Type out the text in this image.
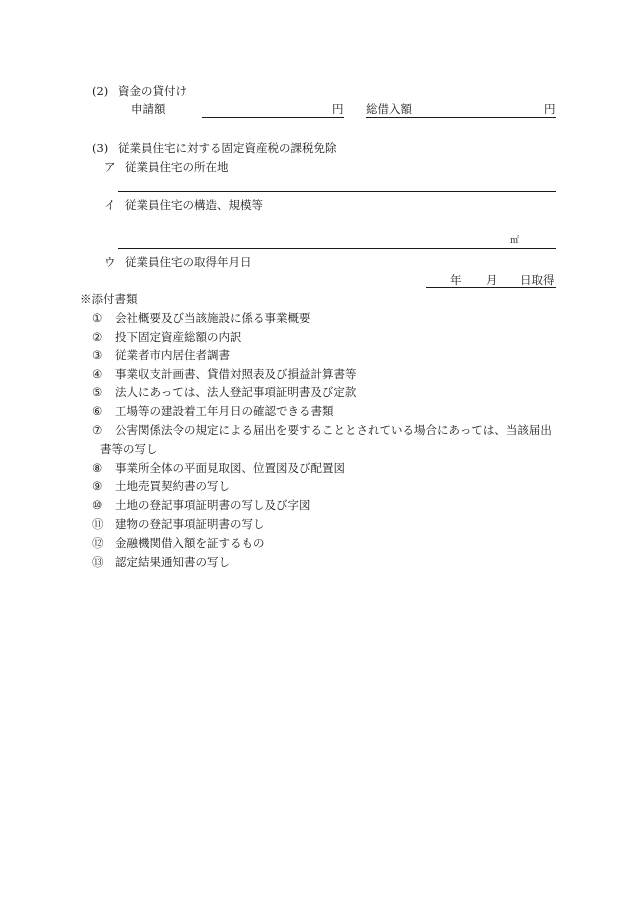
(2) 資金の貸付け
申請額	円 総借入額	円
(3) 従業員住宅に対する固定資産税の課税免除
ア 従業員住宅の所在地
イ 従業員住宅の構造、規模等
㎡
ウ 従業員住宅の取得年月日
年 月 日取得
※添付書類
① 会社概要及び当該施設に係る事業概要
② 投下固定資産総額の内訳
③ 従業者市内居住者調書
④ 事業収支計画書、貸借対照表及び損益計算書等
⑤ 法人にあっては、法人登記事項証明書及び定款
⑥ 工場等の建設着工年月日の確認できる書類
⑦ 公害関係法令の規定による届出を要することとされている場合にあっては、当該届出
書等の写し
⑧ 事業所全体の平面見取図、位置図及び配置図
⑨ 土地売買契約書の写し
⑩ 土地の登記事項証明書の写し及び字図
⑪ 建物の登記事項証明書の写し
⑫ 金融機関借入額を証するもの
⑬ 認定結果通知書の写し
